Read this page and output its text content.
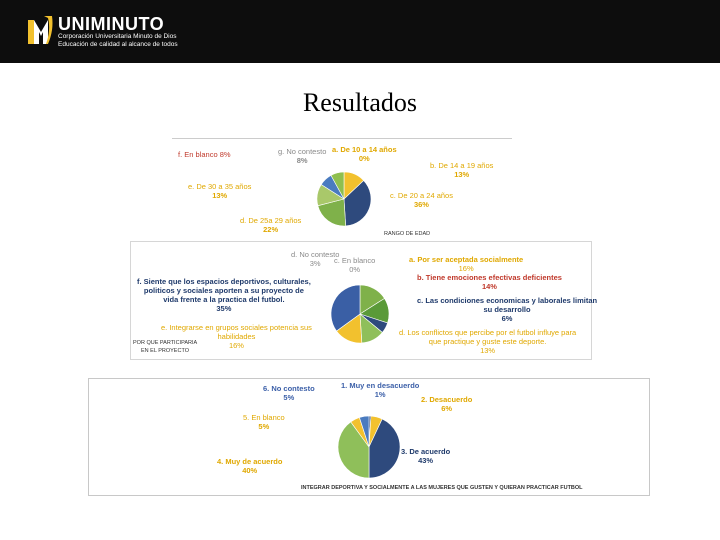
UNIMINUTO
Corporación Universitaria Minuto de Dios
Educación de calidad al alcance de todos
Resultados
f. En blanco 8%	g. No contesto
8%
a. De 10 a 14 años
0%
b. De 14 a 19 años
13%
c. De 20 a 24 años
36%
d. De 25a 29 años
22%
e. De 30 a 35 años
13%
RANGO DE EDAD
d. No contesto
3%	c. En blanco
0%
a. Por ser aceptada socialmente
16%
b. Tiene emociones efectivas deficientes
14%
c. Las condiciones economicas y laborales limitan
su desarrollo
6%
d. Los conflictos que percibe por el futbol influye para
que practique y guste este deporte.
13%
e. Integrarse en grupos sociales potencia sus
habilidades
16%
f. Siente que los espacios deportivos, culturales,
politicos y sociales aporten a su proyecto de
vida frente a la practica del futbol.
35%
POR QUE PARTICIPARIA
EN EL PROYECTO
6. No contesto
5%
1. Muy en desacuerdo
1%
2. Desacuerdo
6%
5. En blanco
5%
3. De acuerdo
43%
4. Muy de acuerdo
40%
INTEGRAR DEPORTIVA Y SOCIALMENTE A LAS MUJERES QUE GUSTEN Y QUIERAN PRACTICAR FUTBOL
